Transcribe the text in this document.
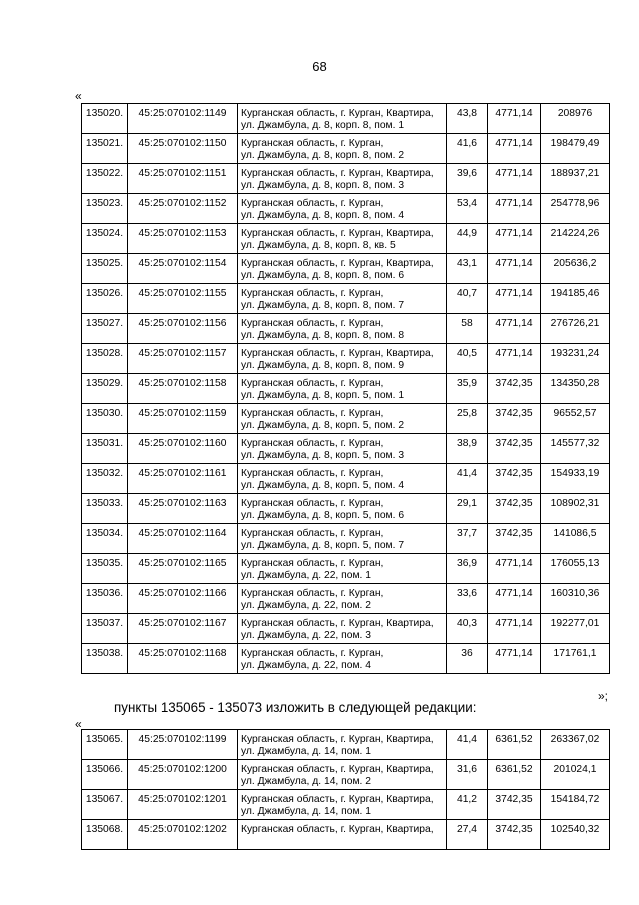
68
«
135020.	45:25:070102:1149	Курганская область, г. Курган, Квартира,
ул. Джамбула, д. 8, корп. 8, пом. 1	43,8	4771,14	208976

135021.	45:25:070102:1150	Курганская область, г. Курган,
ул. Джамбула, д. 8, корп. 8, пом. 2	41,6	4771,14	198479,49

135022.	45:25:070102:1151	Курганская область, г. Курган, Квартира,
ул. Джамбула, д. 8, корп. 8, пом. 3	39,6	4771,14	188937,21

135023.	45:25:070102:1152	Курганская область, г. Курган,
ул. Джамбула, д. 8, корп. 8, пом. 4	53,4	4771,14	254778,96

135024.	45:25:070102:1153	Курганская область, г. Курган, Квартира,
ул. Джамбула, д. 8, корп. 8, кв. 5	44,9	4771,14	214224,26

135025.	45:25:070102:1154	Курганская область, г. Курган, Квартира,
ул. Джамбула, д. 8, корп. 8, пом. 6	43,1	4771,14	205636,2

135026.	45:25:070102:1155	Курганская область, г. Курган,
ул. Джамбула, д. 8, корп. 8, пом. 7	40,7	4771,14	194185,46

135027.	45:25:070102:1156	Курганская область, г. Курган,
ул. Джамбула, д. 8, корп. 8, пом. 8	58	4771,14	276726,21

135028.	45:25:070102:1157	Курганская область, г. Курган, Квартира,
ул. Джамбула, д. 8, корп. 8, пом. 9	40,5	4771,14	193231,24

135029.	45:25:070102:1158	Курганская область, г. Курган,
ул. Джамбула, д. 8, корп. 5, пом. 1	35,9	3742,35	134350,28

135030.	45:25:070102:1159	Курганская область, г. Курган,
ул. Джамбула, д. 8, корп. 5, пом. 2	25,8	3742,35	96552,57

135031.	45:25:070102:1160	Курганская область, г. Курган,
ул. Джамбула, д. 8, корп. 5, пом. 3	38,9	3742,35	145577,32

135032.	45:25:070102:1161	Курганская область, г. Курган,
ул. Джамбула, д. 8, корп. 5, пом. 4	41,4	3742,35	154933,19

135033.	45:25:070102:1163	Курганская область, г. Курган,
ул. Джамбула, д. 8, корп. 5, пом. 6	29,1	3742,35	108902,31

135034.	45:25:070102:1164	Курганская область, г. Курган,
ул. Джамбула, д. 8, корп. 5, пом. 7	37,7	3742,35	141086,5

135035.	45:25:070102:1165	Курганская область, г. Курган,
ул. Джамбула, д. 22, пом. 1	36,9	4771,14	176055,13

135036.	45:25:070102:1166	Курганская область, г. Курган,
ул. Джамбула, д. 22, пом. 2	33,6	4771,14	160310,36

135037.	45:25:070102:1167	Курганская область, г. Курган, Квартира,
ул. Джамбула, д. 22, пом. 3	40,3	4771,14	192277,01

135038.	45:25:070102:1168	Курганская область, г. Курган,
ул. Джамбула, д. 22, пом. 4	36	4771,14	171761,1
»;
пункты 135065 - 135073 изложить в следующей редакции:
«
135065.	45:25:070102:1199	Курганская область, г. Курган, Квартира,
ул. Джамбула, д. 14, пом. 1	41,4	6361,52	263367,02

135066.	45:25:070102:1200	Курганская область, г. Курган, Квартира,
ул. Джамбула, д. 14, пом. 2	31,6	6361,52	201024,1

135067.	45:25:070102:1201	Курганская область, г. Курган, Квартира,
ул. Джамбула, д. 14, пом. 1	41,2	3742,35	154184,72

135068.	45:25:070102:1202	Курганская область, г. Курган, Квартира,	27,4	3742,35	102540,32
